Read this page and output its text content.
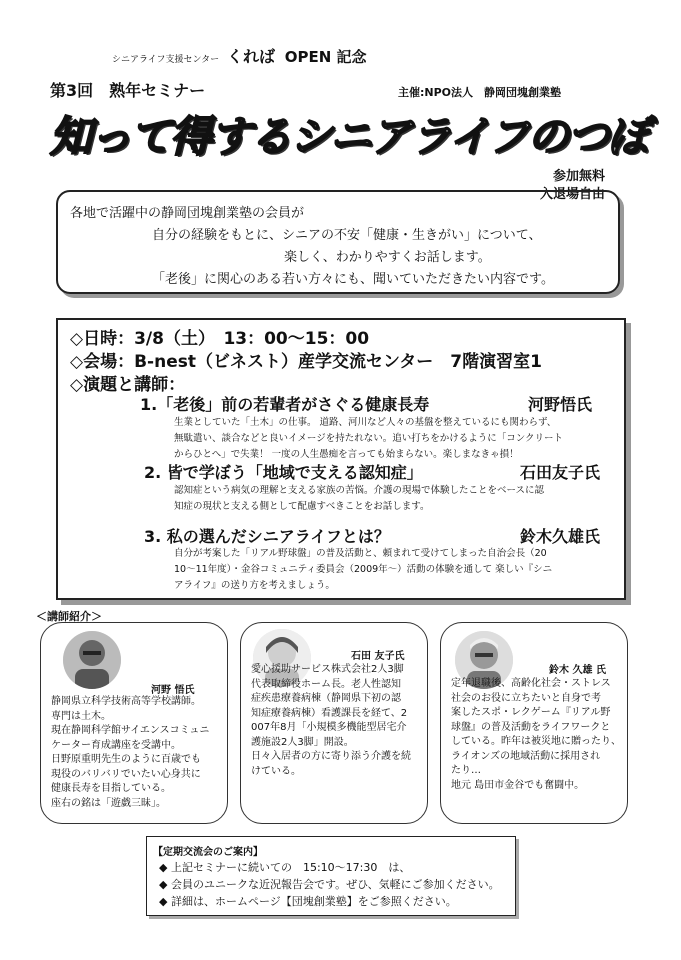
シニアライフ支援センター くれば OPEN 記念
第3回　熟年セミナー	主催:NPO法人　静岡団塊創業塾
知って得するシニアライフのつぼ
参加無料
入退場自由
各地で活躍中の静岡団塊創業塾の会員が
自分の経験をもとに、シニアの不安「健康・生きがい」について、
楽しく、わかりやすくお話します。
「老後」に関心のある若い方々にも、聞いていただきたい内容です。
◇日時：3/8（土）　13：00〜15：00
◇会場：B-nest（ビネスト）産学交流センター　7階演習室1
◇演題と講師：
1.「老後」前の若輩者がさぐる健康長寿	河野悟氏
生業としていた「土木」の仕事。 道路、河川など人々の基盤を整えているにも関わらず、
無駄遣い、談合などと良いイメージを持たれない。追い打ちをかけるように「コンクリート
からひとへ」で失業！ 一度の人生愚痴を言っても始まらない。楽しまなきゃ損！
2. 皆で学ぼう「地域で支える認知症」	石田友子氏
認知症という病気の理解と支える家族の苦悩。介護の現場で体験したことをベースに認
知症の現状と支える側として配慮すべきことをお話します。
3. 私の選んだシニアライフとは？	鈴木久雄氏
自分が考案した「リアル野球盤」の普及活動と、頼まれて受けてしまった自治会長（20
10〜11年度）・金谷コミュニティ委員会（2009年〜）活動の体験を通して 楽しい『シニ
アライフ』の送り方を考えましょう。
＜講師紹介＞
河野 悟氏
静岡県立科学技術高等学校講師。
専門は土木。
現在静岡科学館サイエンスコミュニ
ケーター育成講座を受講中。
日野原重明先生のように百歳でも
現役のバリバリでいたい心身共に
健康長寿を目指している。
座右の銘は「遊戯三昧」。
石田 友子氏
愛心援助サービス株式会社2人3脚
代表取締役ホーム長。老人性認知
症疾患療養病棟（静岡県下初の認
知症療養病棟）看護課長を経て、2
007年8月「小規模多機能型居宅介
護施設2人3脚」開設。
日々入居者の方に寄り添う介護を続
けている。
鈴木 久雄 氏
定年退職後、高齢化社会・ストレス
社会のお役に立ちたいと自身で考
案したスポ・レクゲーム『リアル野
球盤』の普及活動をライフワークと
している。昨年は被災地に贈ったり、
ライオンズの地域活動に採用され
たり…
地元 島田市金谷でも奮闘中。
【定期交流会のご案内】
◆ 上記セミナーに続いての　15:10〜17:30　は、
◆ 会員のユニークな近況報告会です。ぜひ、気軽にご参加ください。
◆ 詳細は、ホームページ【団塊創業塾】をご参照ください。
